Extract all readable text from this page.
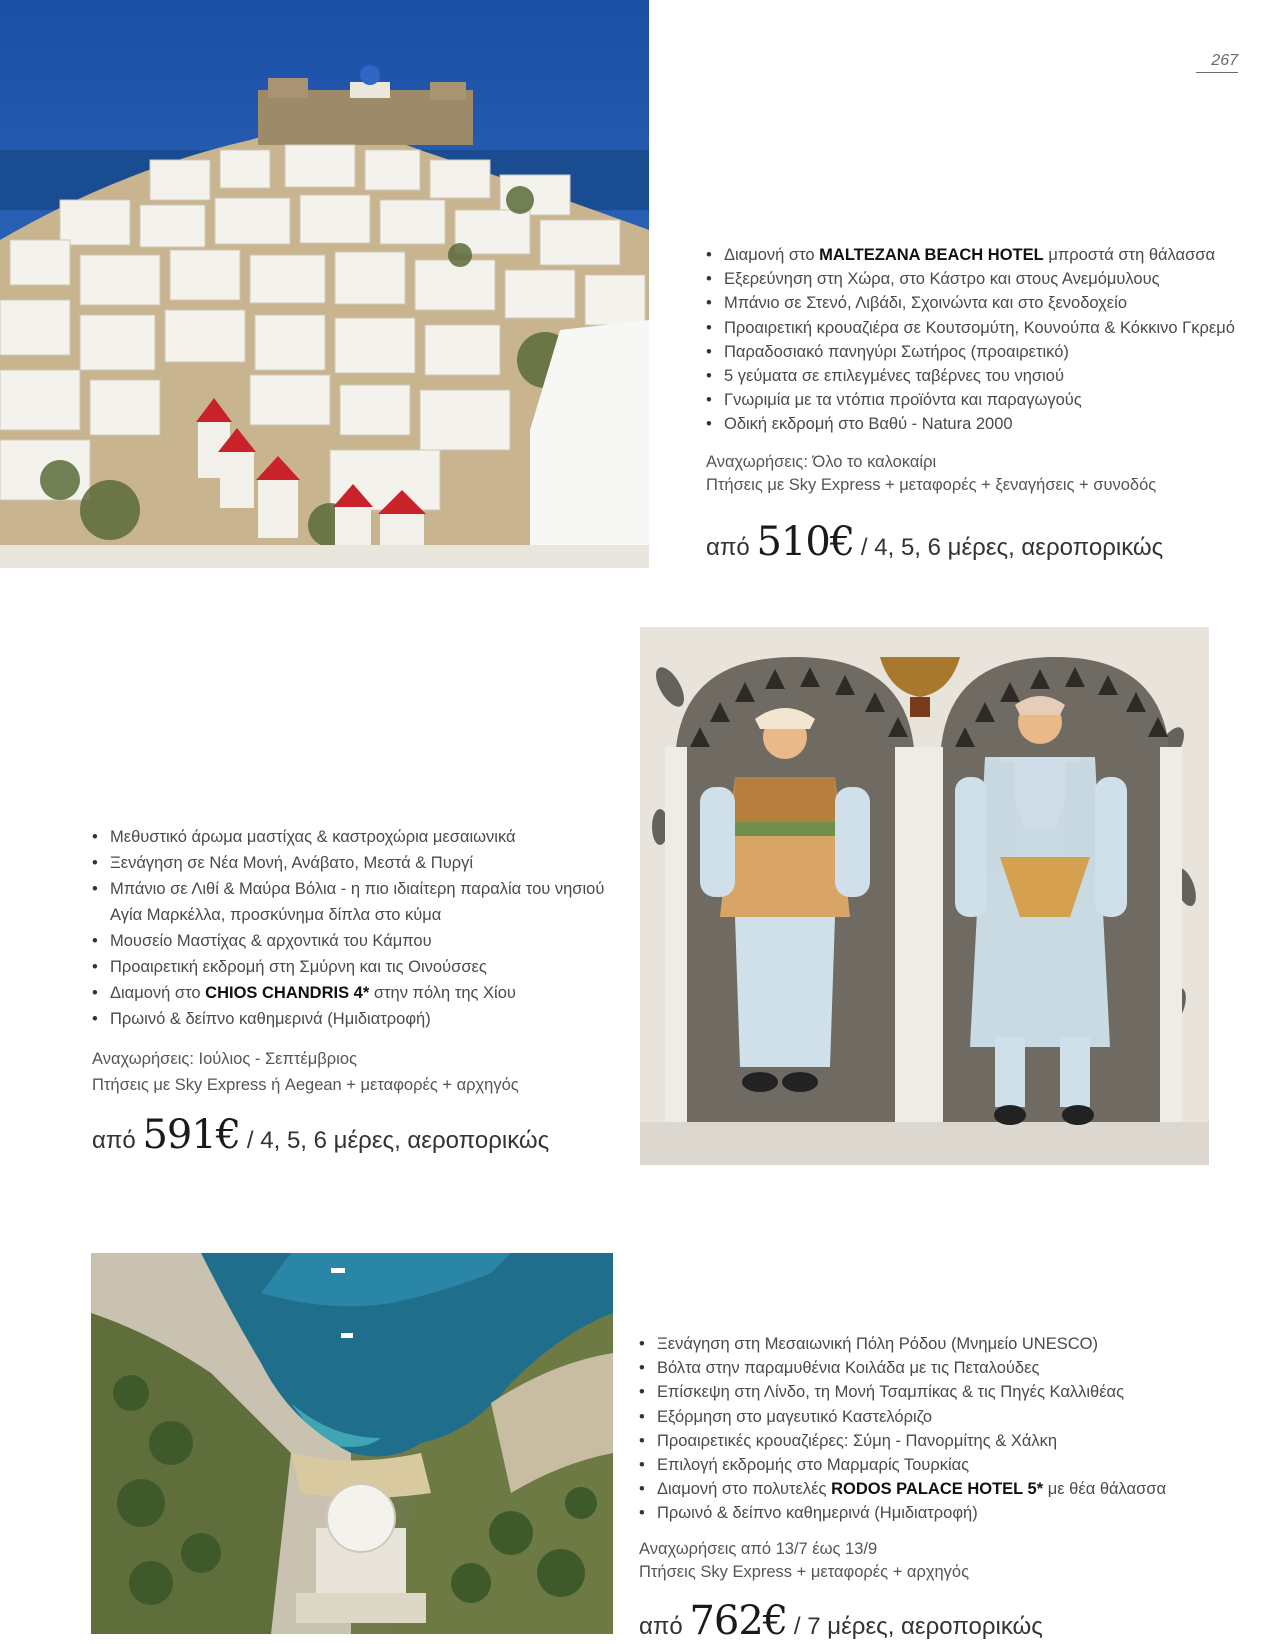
267
• Διαμονή στο MALTEZANA BEACH HOTEL μπροστά στη θάλασσα
• Εξερεύνηση στη Χώρα, στο Κάστρο και στους Ανεμόμυλους
• Μπάνιο σε Στενό, Λιβάδι, Σχοινώντα και στο ξενοδοχείο
• Προαιρετική κρουαζιέρα σε Κουτσομύτη, Κουνούπα & Κόκκινο Γκρεμό
• Παραδοσιακό πανηγύρι Σωτήρος (προαιρετικό)
• 5 γεύματα σε επιλεγμένες ταβέρνες του νησιού
• Γνωριμία με τα ντόπια προϊόντα και παραγωγούς
• Οδική εκδρομή στο Βαθύ - Natura 2000
Αναχωρήσεις: Όλο το καλοκαίρι
Πτήσεις με Sky Express + μεταφορές + ξεναγήσεις + συνοδός
από 510€ / 4, 5, 6 μέρες, αεροπορικώς
• Μεθυστικό άρωμα μαστίχας & καστροχώρια μεσαιωνικά
• Ξενάγηση σε Νέα Μονή, Ανάβατο, Μεστά & Πυργί
• Μπάνιο σε Λιθί & Μαύρα Βόλια - η πιο ιδιαίτερη παραλία του νησιού
Αγία Μαρκέλλα, προσκύνημα δίπλα στο κύμα
• Μουσείο Μαστίχας & αρχοντικά του Κάμπου
• Προαιρετική εκδρομή στη Σμύρνη και τις Οινούσσες
• Διαμονή στο CHIOS CHANDRIS 4* στην πόλη της Χίου
• Πρωινό & δείπνο καθημερινά (Ημιδιατροφή)
Αναχωρήσεις: Ιούλιος - Σεπτέμβριος
Πτήσεις με Sky Express ή Aegean + μεταφορές + αρχηγός
από 591€ / 4, 5, 6 μέρες, αεροπορικώς
• Ξενάγηση στη Μεσαιωνική Πόλη Ρόδου (Μνημείο UNESCO)
• Βόλτα στην παραμυθένια Κοιλάδα με τις Πεταλούδες
• Επίσκεψη στη Λίνδο, τη Μονή Τσαμπίκας & τις Πηγές Καλλιθέας
• Εξόρμηση στο μαγευτικό Καστελόριζο
• Προαιρετικές κρουαζιέρες: Σύμη - Πανορμίτης & Χάλκη
• Επιλογή εκδρομής στο Μαρμαρίς Τουρκίας
• Διαμονή στο πολυτελές RODOS PALACE HOTEL 5* με θέα θάλασσα
• Πρωινό & δείπνο καθημερινά (Ημιδιατροφή)
Αναχωρήσεις από 13/7 έως 13/9
Πτήσεις Sky Express + μεταφορές + αρχηγός
από 762€ / 7 μέρες, αεροπορικώς
